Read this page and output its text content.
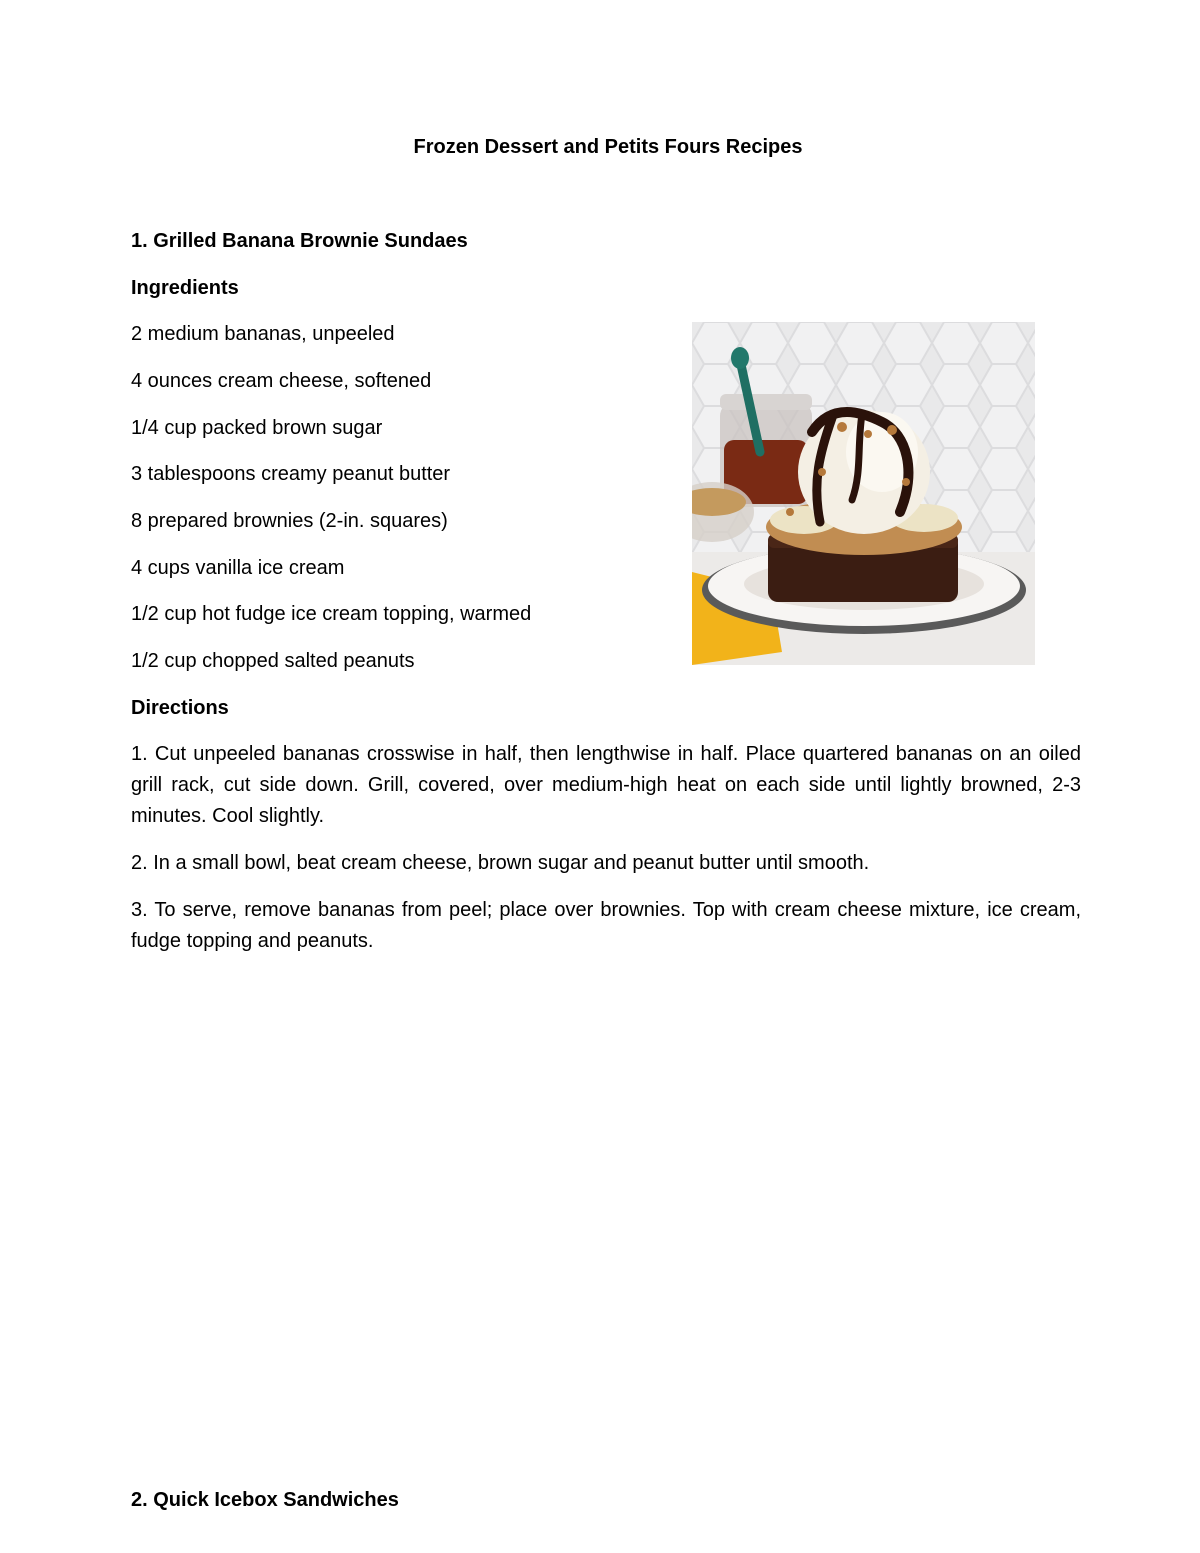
Frozen Dessert and Petits Fours Recipes
1. Grilled Banana Brownie Sundaes
Ingredients
2 medium bananas, unpeeled
4 ounces cream cheese, softened
1/4 cup packed brown sugar
3 tablespoons creamy peanut butter
8 prepared brownies (2-in. squares)
4 cups vanilla ice cream
1/2 cup hot fudge ice cream topping, warmed
1/2 cup chopped salted peanuts
Directions
1. Cut unpeeled bananas crosswise in half, then lengthwise in half. Place quartered bananas on an oiled grill rack, cut side down. Grill, covered, over medium-high heat on each side until lightly browned, 2-3 minutes. Cool slightly.
2. In a small bowl, beat cream cheese, brown sugar and peanut butter until smooth.
3. To serve, remove bananas from peel; place over brownies. Top with cream cheese mixture, ice cream, fudge topping and peanuts.
2. Quick Icebox Sandwiches
